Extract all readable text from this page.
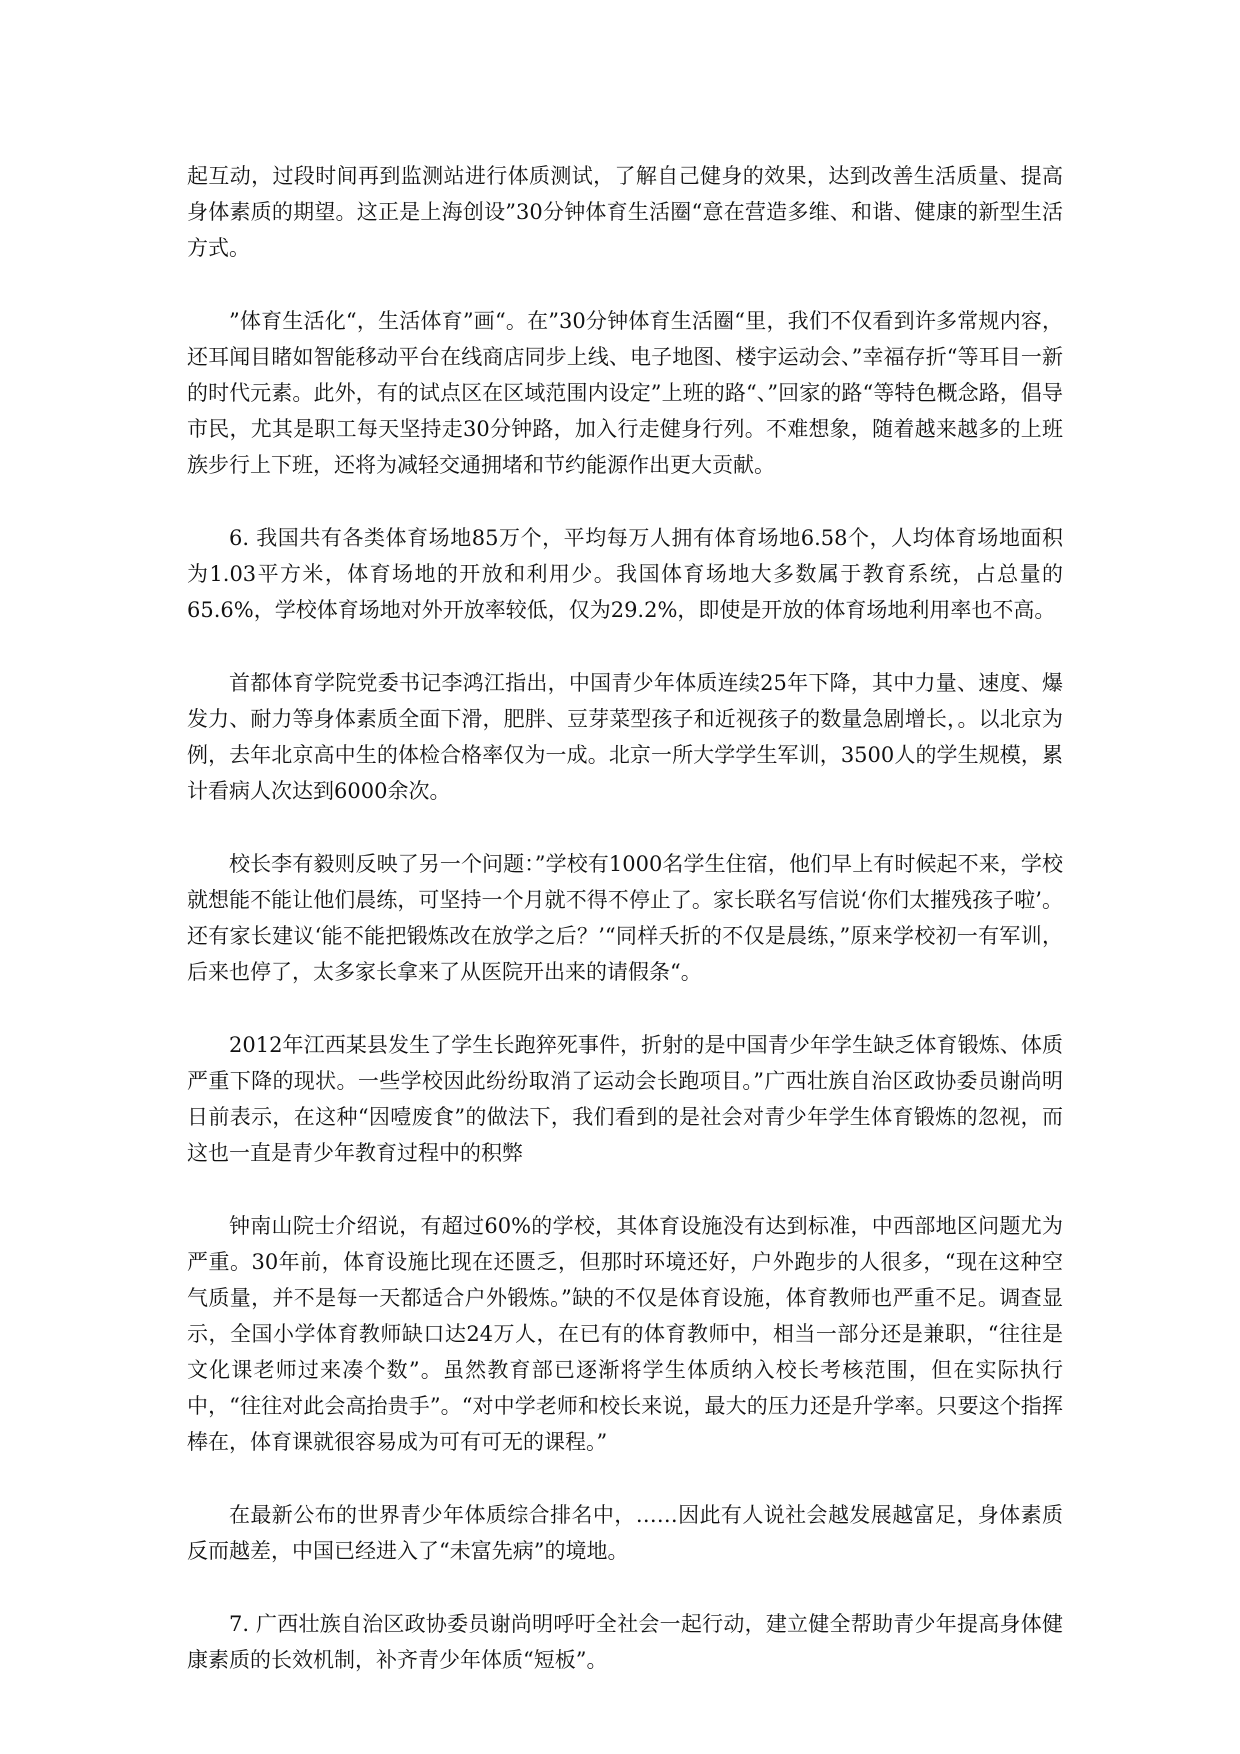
起互动，过段时间再到监测站进行体质测试，了解自己健身的效果，达到改善生活质量、提高身体素质的期望。这正是上海创设”30分钟体育生活圈“意在营造多维、和谐、健康的新型生活方式。

”体育生活化“，生活体育”画“。在”30分钟体育生活圈“里，我们不仅看到许多常规内容，还耳闻目睹如智能移动平台在线商店同步上线、电子地图、楼宇运动会、”幸福存折“等耳目一新的时代元素。此外，有的试点区在区域范围内设定”上班的路“、”回家的路“等特色概念路，倡导市民，尤其是职工每天坚持走30分钟路，加入行走健身行列。不难想象，随着越来越多的上班族步行上下班，还将为减轻交通拥堵和节约能源作出更大贡献。

6. 我国共有各类体育场地85万个，平均每万人拥有体育场地6.58个，人均体育场地面积为1.03平方米，体育场地的开放和利用少。我国体育场地大多数属于教育系统，占总量的65.6%，学校体育场地对外开放率较低，仅为29.2%，即使是开放的体育场地利用率也不高。

首都体育学院党委书记李鸿江指出，中国青少年体质连续25年下降，其中力量、速度、爆发力、耐力等身体素质全面下滑，肥胖、豆芽菜型孩子和近视孩子的数量急剧增长，。以北京为例，去年北京高中生的体检合格率仅为一成。北京一所大学学生军训，3500人的学生规模，累计看病人次达到6000余次。

校长李有毅则反映了另一个问题：”学校有1000名学生住宿，他们早上有时候起不来，学校就想能不能让他们晨练，可坚持一个月就不得不停止了。家长联名写信说‘你们太摧残孩子啦’。还有家长建议‘能不能把锻炼改在放学之后？’“同样夭折的不仅是晨练，”原来学校初一有军训，后来也停了，太多家长拿来了从医院开出来的请假条“。

2012年江西某县发生了学生长跑猝死事件，折射的是中国青少年学生缺乏体育锻炼、体质严重下降的现状。一些学校因此纷纷取消了运动会长跑项目。”广西壮族自治区政协委员谢尚明日前表示，在这种“因噎废食”的做法下，我们看到的是社会对青少年学生体育锻炼的忽视，而这也一直是青少年教育过程中的积弊

钟南山院士介绍说，有超过60%的学校，其体育设施没有达到标准，中西部地区问题尤为严重。30年前，体育设施比现在还匮乏，但那时环境还好，户外跑步的人很多，“现在这种空气质量，并不是每一天都适合户外锻炼。”缺的不仅是体育设施，体育教师也严重不足。调查显示，全国小学体育教师缺口达24万人，在已有的体育教师中，相当一部分还是兼职，“往往是文化课老师过来凑个数”。虽然教育部已逐渐将学生体质纳入校长考核范围，但在实际执行中，“往往对此会高抬贵手”。“对中学老师和校长来说，最大的压力还是升学率。只要这个指挥棒在，体育课就很容易成为可有可无的课程。”

在最新公布的世界青少年体质综合排名中，……因此有人说社会越发展越富足，身体素质反而越差，中国已经进入了“未富先病”的境地。

7. 广西壮族自治区政协委员谢尚明呼吁全社会一起行动，建立健全帮助青少年提高身体健康素质的长效机制，补齐青少年体质“短板”。
